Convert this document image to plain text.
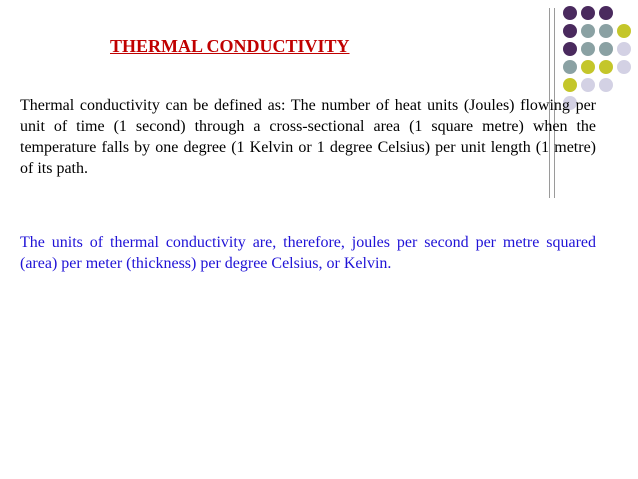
THERMAL CONDUCTIVITY
Thermal conductivity can be defined as: The number of heat units (Joules) flowing per unit of time (1 second) through a cross-sectional area (1 square metre) when the temperature falls by one degree (1 Kelvin or 1 degree Celsius) per unit length (1 metre) of its path.
The units of thermal conductivity are, therefore, joules per second per metre squared (area) per meter (thickness) per degree Celsius, or Kelvin.
